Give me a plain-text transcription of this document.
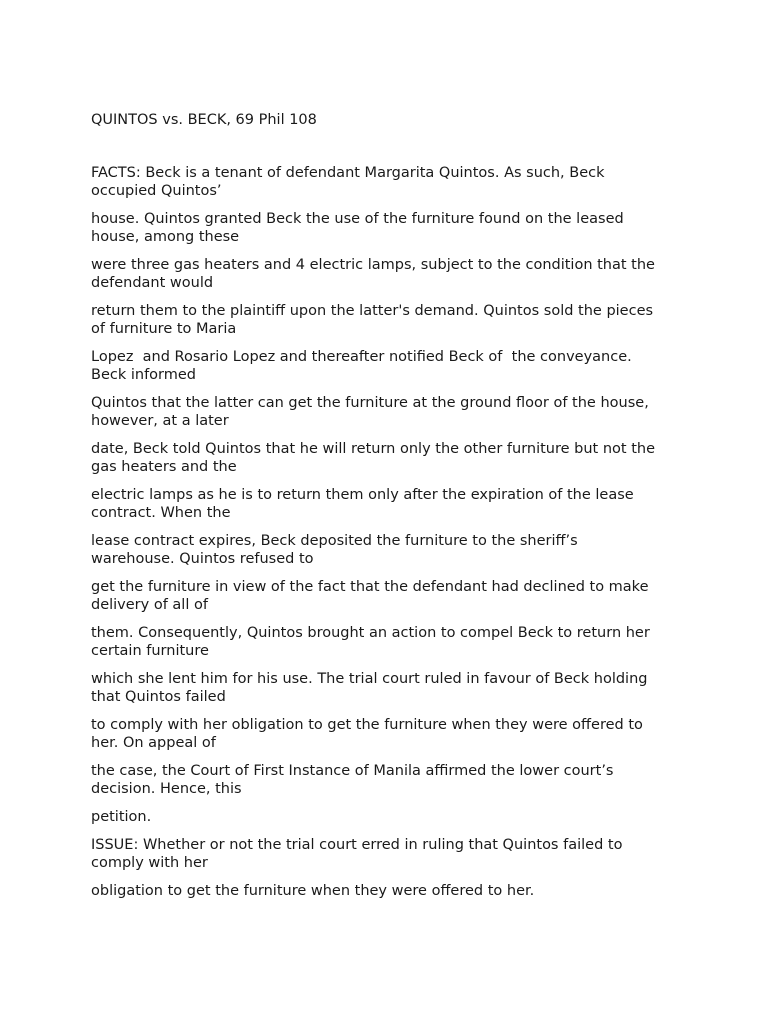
QUINTOS vs. BECK, 69 Phil 108

FACTS: Beck is a tenant of defendant Margarita Quintos. As such, Beck
occupied Quintos’

house. Quintos granted Beck the use of the furniture found on the leased
house, among these

were three gas heaters and 4 electric lamps, subject to the condition that the
defendant would

return them to the plaintiff upon the latter's demand. Quintos sold the pieces
of furniture to Maria

Lopez  and Rosario Lopez and thereafter notified Beck of  the conveyance.
Beck informed

Quintos that the latter can get the furniture at the ground floor of the house,
however, at a later

date, Beck told Quintos that he will return only the other furniture but not the
gas heaters and the

electric lamps as he is to return them only after the expiration of the lease
contract. When the

lease contract expires, Beck deposited the furniture to the sheriff’s
warehouse. Quintos refused to

get the furniture in view of the fact that the defendant had declined to make
delivery of all of

them. Consequently, Quintos brought an action to compel Beck to return her
certain furniture

which she lent him for his use. The trial court ruled in favour of Beck holding
that Quintos failed

to comply with her obligation to get the furniture when they were offered to
her. On appeal of

the case, the Court of First Instance of Manila affirmed the lower court’s
decision. Hence, this

petition.

ISSUE: Whether or not the trial court erred in ruling that Quintos failed to
comply with her

obligation to get the furniture when they were offered to her.
